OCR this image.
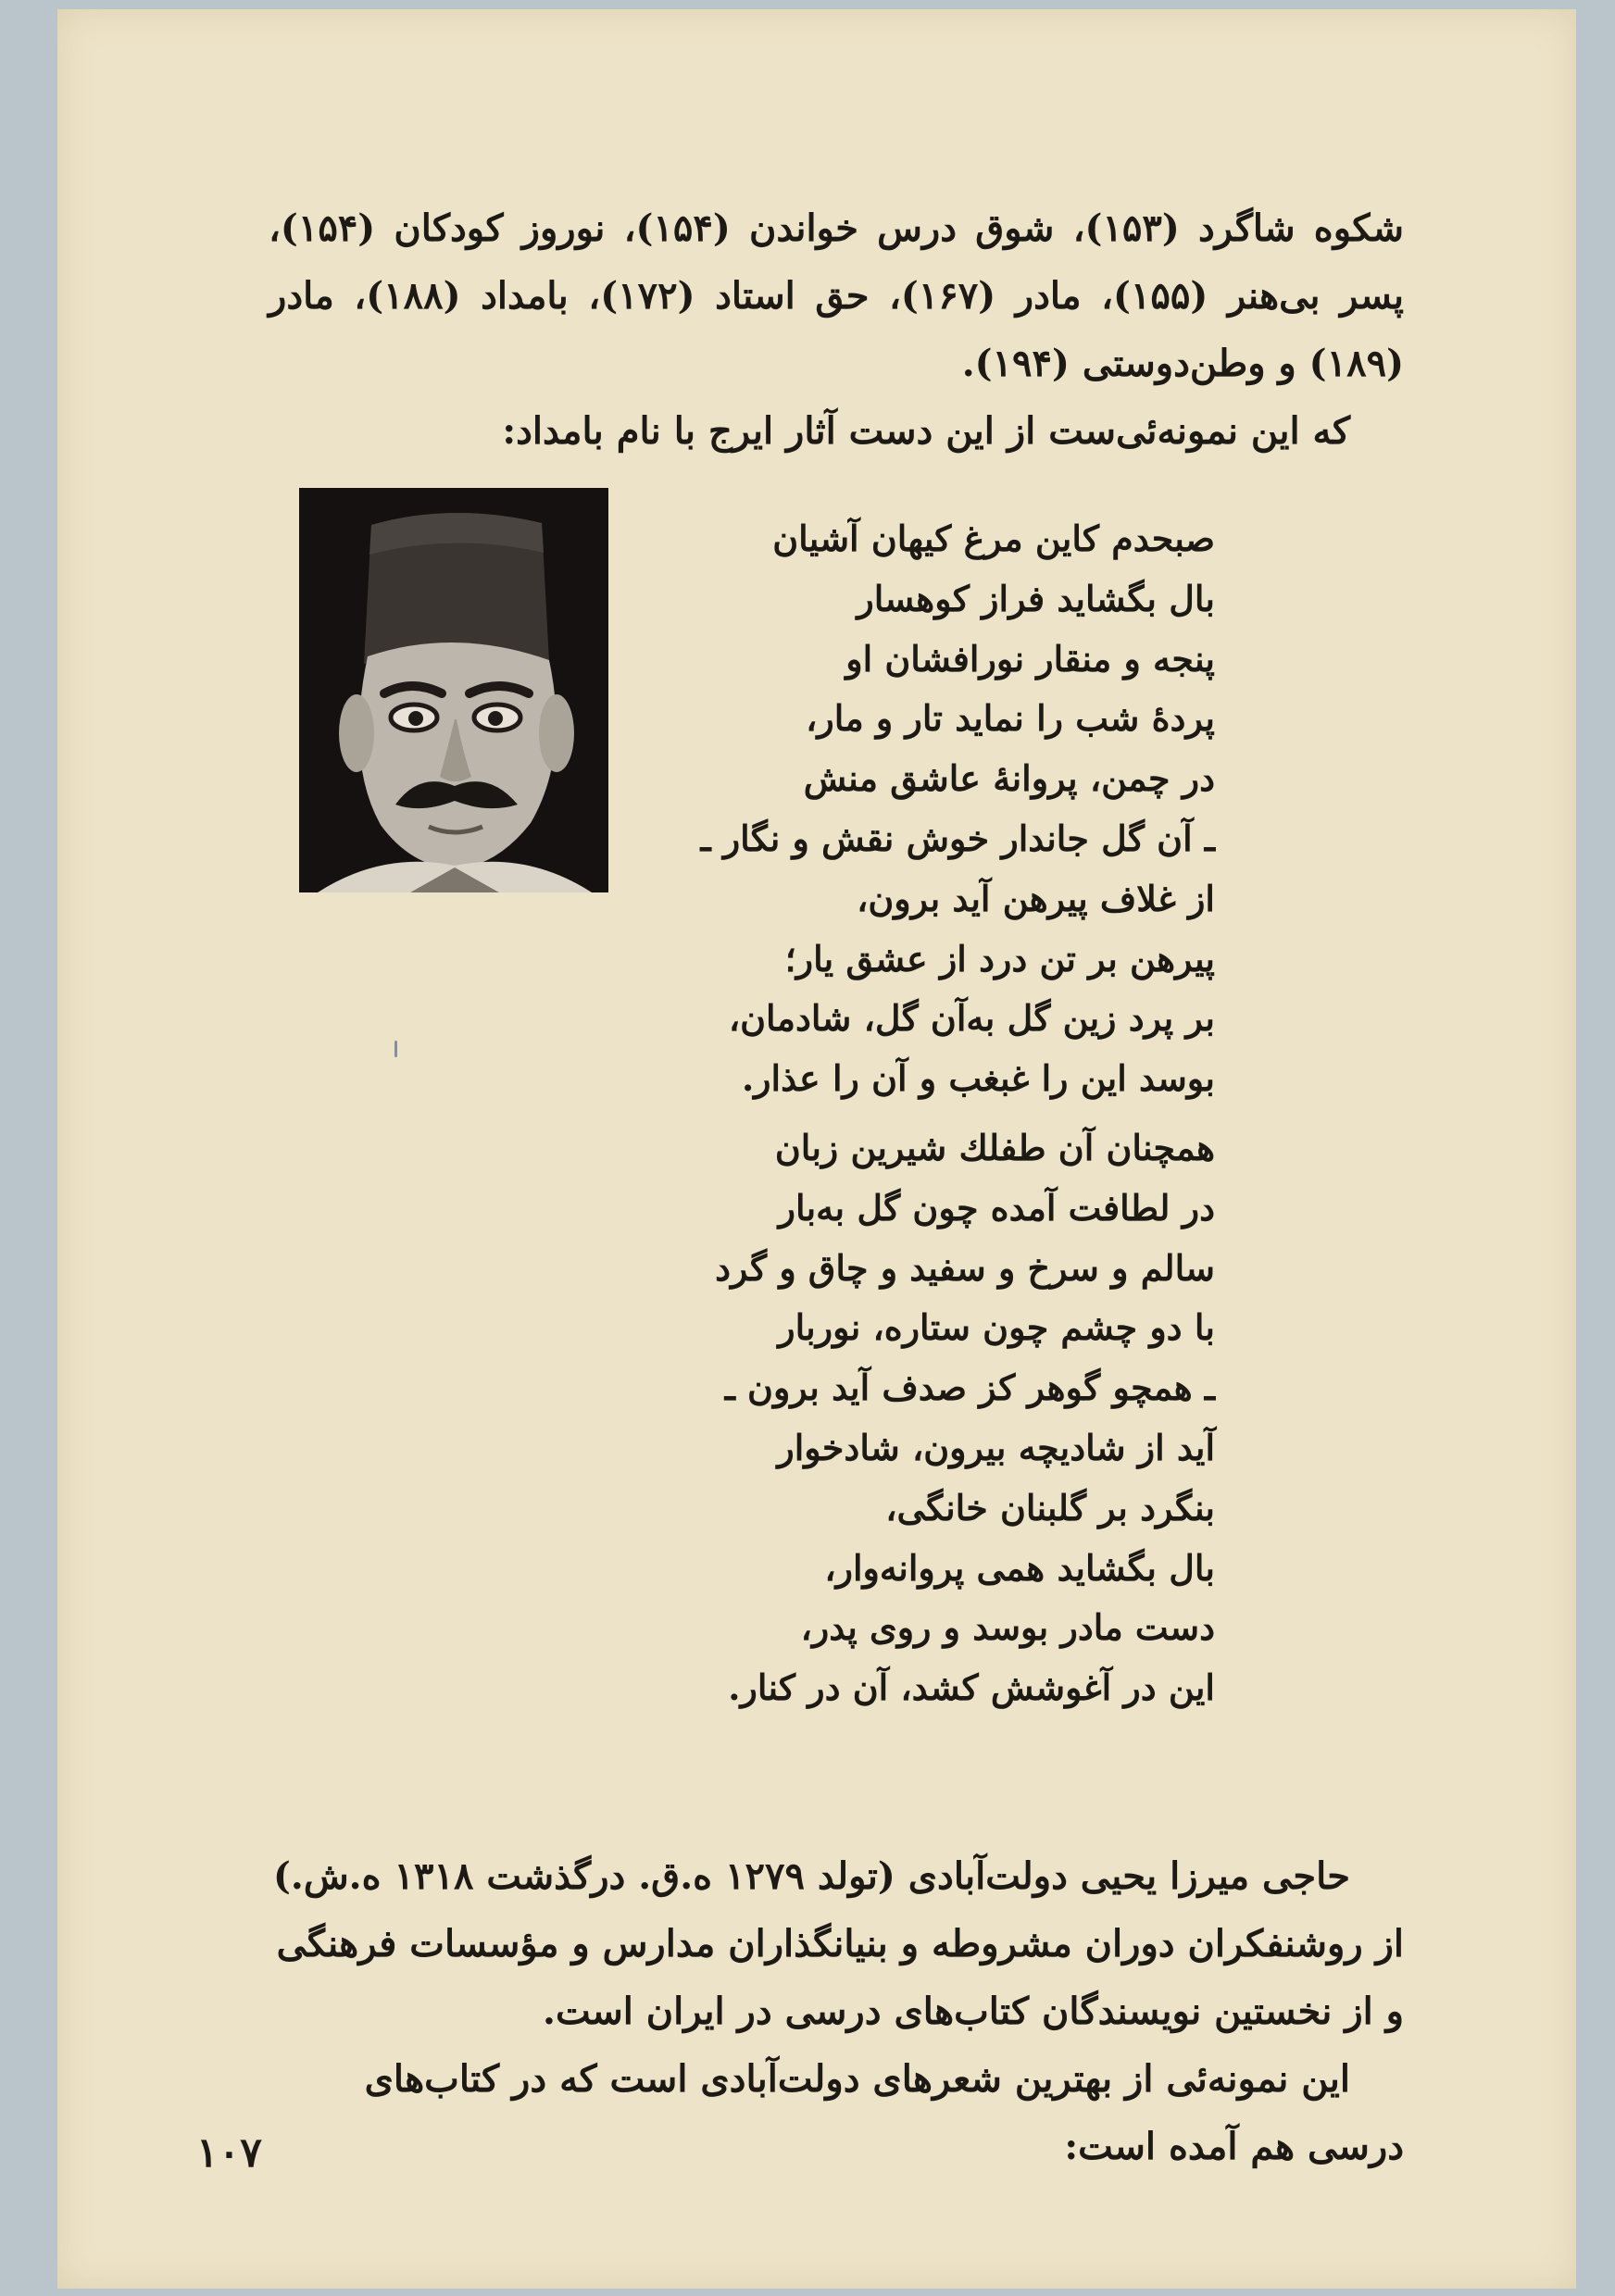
شکوه شاگرد (۱۵۳)، شوق درس خواندن (۱۵۴)، نوروز کودکان (۱۵۴)، پسر بی‌هنر (۱۵۵)، مادر (۱۶۷)، حق استاد (۱۷۲)، بامداد (۱۸۸)، مادر (۱۸۹) و وطن‌دوستی (۱۹۴).

که این نمونه‌ئی‌ست از این دست آثار ایرج با نام بامداد:

صبحدم کاین مرغ کیهان آشیان
بال بگشاید فراز کوهسار
پنجه و منقار نورافشان او
پردهٔ شب را نماید تار و مار،
در چمن، پروانهٔ عاشق منش
ـ آن گل جاندار خوش نقش و نگار ـ
از غلاف پیرهن آید برون،
پیرهن بر تن درد از عشق یار؛
بر پرد زین گل به‌آن گل، شادمان،
بوسد این را غبغب و آن را عذار.
همچنان آن طفلك شیرین زبان
در لطافت آمده چون گل به‌بار
سالم و سرخ و سفید و چاق و گرد
با دو چشم چون ستاره، نوربار
ـ همچو گوهر کز صدف آید برون ـ
آید از شادیچه بیرون، شادخوار
بنگرد بر گلبنان خانگی،
بال بگشاید همی پروانه‌وار،
دست مادر بوسد و روی پدر،
این در آغوشش کشد، آن در کنار.

حاجی میرزا یحیی دولت‌آبادی (تولد ۱۲۷۹ ه.ق. درگذشت ۱۳۱۸ ه.ش.) از روشنفکران دوران مشروطه و بنیانگذاران مدارس و مؤسسات فرهنگی و از نخستین نویسندگان کتاب‌های درسی در ایران است.

این نمونه‌ئی از بهترین شعرهای دولت‌آبادی است که در کتاب‌های درسی هم آمده است:

۱۰۷
